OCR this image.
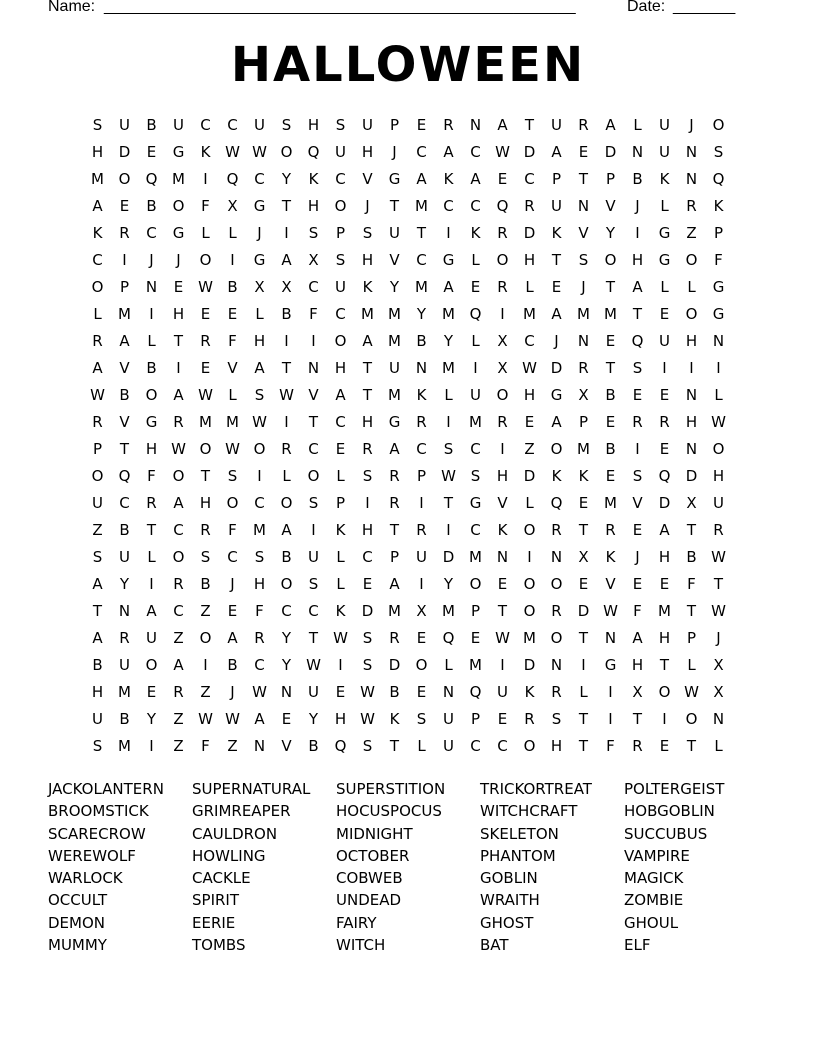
Name: _____________________________________________________	Date: _______
HALLOWEEN
S	U	B	U	C	C	U	S	H	S	U	P	E	R	N	A	T	U	R	A	L	U	J	O
H	D	E	G	K W W O	Q	U	H	J	C	A	C W D	A	E	D	N	U	N	S
M O	Q M	I	Q	C	Y	K	C	V	G	A	K	A	E	C	P	T	P	B	K	N	Q
A	E	B	O	F	X	G	T	H	O	J	T	M	C	C	Q	R	U	N	V	J	L	R	K
K	R	C	G	L	L	J	I	S	P	S	U	T	I	K	R	D	K	V	Y	I	G	Z	P
C	I	J	J	O	I	G	A	X	S	H	V	C	G	L	O	H	T	S	O	H	G	O	F
O	P	N	E W B	X	X	C	U	K	Y	M	A	E	R	L	E	J	T	A	L	L	G
L	M	I	H	E	E	L	B	F	C	M M	Y	M Q	I	M	A	M M	T	E	O	G
R	A	L	T	R	F	H	I	I	O	A	M	B	Y	L	X	C	J	N	E	Q	U	H	N
A	V	B	I	E	V	A	T	N	H	T	U	N M	I	X W D	R	T	S	I	I	I
W B	O	A W	L	S W V	A	T	M	K	L	U	O	H	G	X	B	E	E	N	L
R	V	G	R	M M W	I	T	C	H	G	R	I	M	R	E	A	P	E	R	R	H W
P	T	H W O W O	R	C	E	R	A	C	S	C	I	Z	O M	B	I	E	N	O
O	Q	F	O	T	S	I	L	O	L	S	R	P	W S	H	D	K	K	E	S	Q	D	H
U	C	R	A	H	O	C	O	S	P	I	R	I	T	G	V	L	Q	E	M	V	D	X	U
Z	B	T	C	R	F	M	A	I	K	H	T	R	I	C	K	O	R	T	R	E	A	T	R
S	U	L	O	S	C	S	B	U	L	C	P	U	D M N	I	N	X	K	J	H	B W
A	Y	I	R	B	J	H	O	S	L	E	A	I	Y	O	E	O	O	E	V	E	E	F	T
T	N	A	C	Z	E	F	C	C	K	D M	X	M	P	T	O	R	D W	F	M	T	W
A	R	U	Z	O	A	R	Y	T	W S	R	E	Q	E W M O	T	N	A	H	P	J
B	U	O	A	I	B	C	Y	W	I	S	D	O	L	M	I	D	N	I	G	H	T	L	X
H M	E	R	Z	J	W N	U	E W B	E	N	Q	U	K	R	L	I	X	O W X
U	B	Y	Z W W A	E	Y	H W K	S	U	P	E	R	S	T	I	T	I	O	N
S	M	I	Z	F	Z	N	V	B	Q	S	T	L	U	C	C	O	H	T	F	R	E	T	L
JACKOLANTERN	SUPERNATURAL	SUPERSTITION	TRICKORTREAT	POLTERGEIST
BROOMSTICK	GRIMREAPER	HOCUSPOCUS	WITCHCRAFT	HOBGOBLIN
SCARECROW	CAULDRON	MIDNIGHT	SKELETON	SUCCUBUS
WEREWOLF	HOWLING	OCTOBER	PHANTOM	VAMPIRE
WARLOCK	CACKLE	COBWEB	GOBLIN	MAGICK
OCCULT	SPIRIT	UNDEAD	WRAITH	ZOMBIE
DEMON	EERIE	FAIRY	GHOST	GHOUL
MUMMY	TOMBS	WITCH	BAT	ELF
